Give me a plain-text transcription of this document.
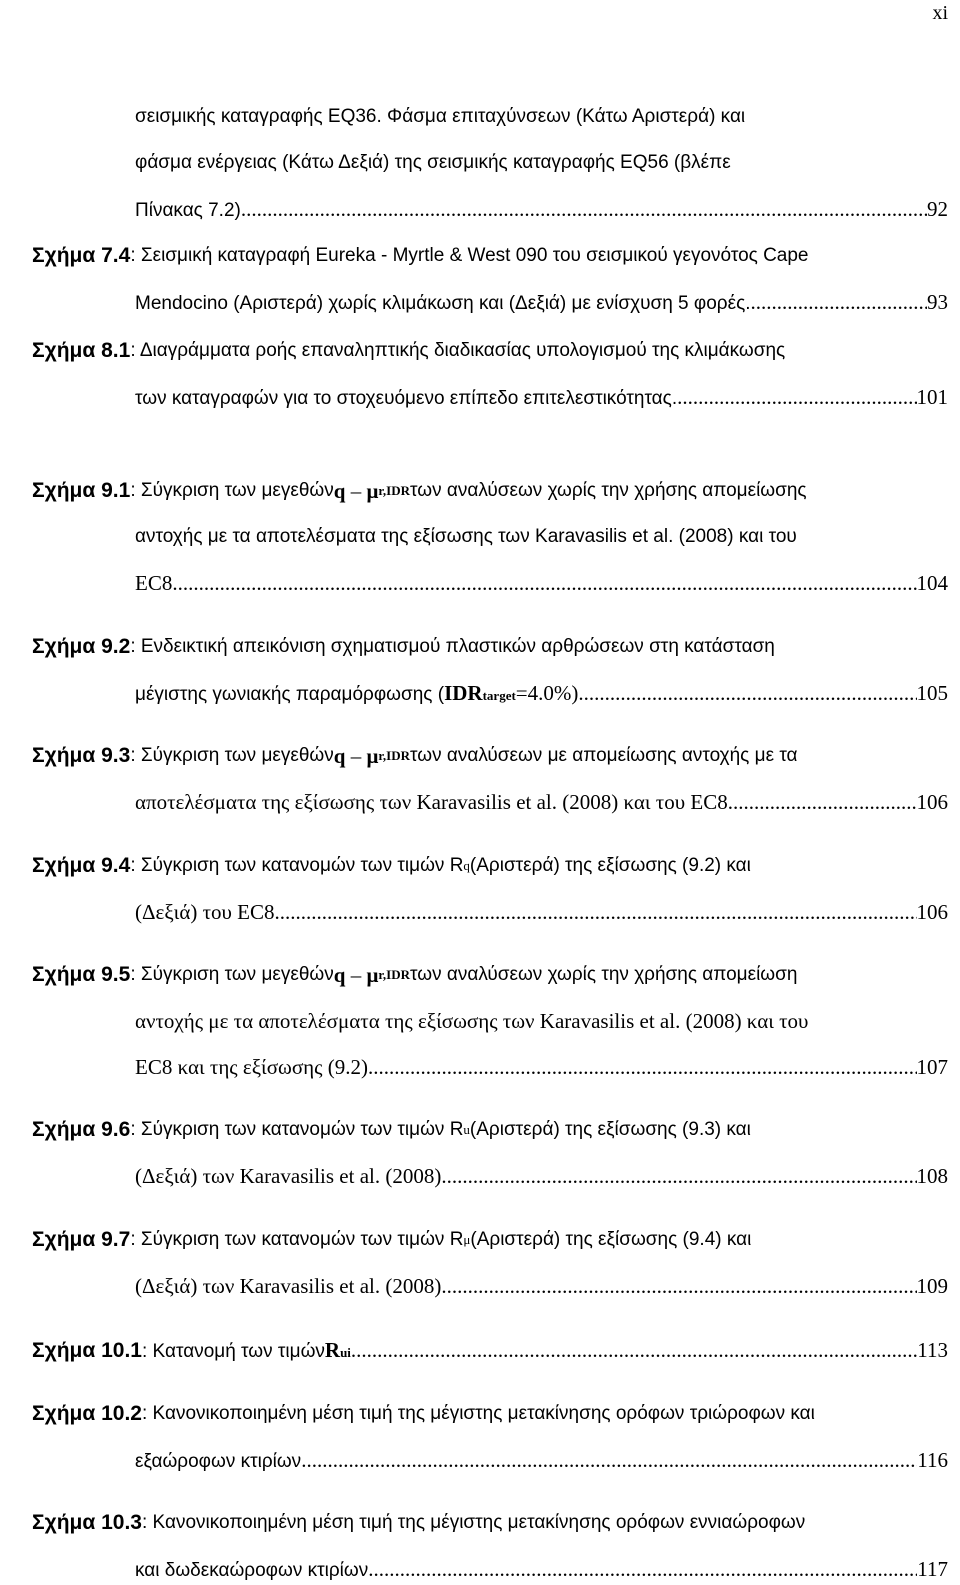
xi
σεισμικής καταγραφής EQ36. Φάσμα επιταχύνσεων (Κάτω Αριστερά) και
φάσμα ενέργειας (Κάτω Δεξιά) της σεισμικής καταγραφής EQ56 (βλέπε
Πίνακας 7.2) .....	92
Σχήμα 7.4 : Σεισμική καταγραφή Eureka - Myrtle & West 090 του σεισμικού γεγονότος Cape
Mendocino (Αριστερά) χωρίς κλιμάκωση και (Δεξιά) με ενίσχυση 5 φορές. .....	93
Σχήμα 8.1 : Διαγράμματα ροής επαναληπτικής διαδικασίας υπολογισμού της κλιμάκωσης
των καταγραφών για το στοχευόμενο επίπεδο επιτελεστικότητας. .....	101
Σχήμα 9.1 : Σύγκριση των μεγεθών q – μ r,IDR των αναλύσεων χωρίς την χρήσης απομείωσης
αντοχής με τα αποτελέσματα της εξίσωσης των Karavasilis et al. (2008) και του
EC8. .....	104
Σχήμα 9.2 : Ενδεικτική απεικόνιση σχηματισμού πλαστικών αρθρώσεων στη κατάσταση
μέγιστης γωνιακής παραμόρφωσης ( IDR target =4.0%). .....	105
Σχήμα 9.3 : Σύγκριση των μεγεθών q – μ r,IDR των αναλύσεων με απομείωσης αντοχής με τα
αποτελέσματα της εξίσωσης των Karavasilis et al. (2008) και του EC8. .....	106
Σχήμα 9.4 : Σύγκριση των κατανομών των τιμών R q (Αριστερά) της εξίσωσης (9.2) και
(Δεξιά) του EC8. .....	106
Σχήμα 9.5 : Σύγκριση των μεγεθών q – μ r,IDR των αναλύσεων χωρίς την χρήσης απομείωση
αντοχής με τα αποτελέσματα της εξίσωσης των Karavasilis et al. (2008) και του
EC8 και της εξίσωσης (9.2). .....	107
Σχήμα 9.6 : Σύγκριση των κατανομών των τιμών R u (Αριστερά) της εξίσωσης (9.3) και
(Δεξιά) των Karavasilis et al. (2008). .....	108
Σχήμα 9.7 : Σύγκριση των κατανομών των τιμών R μ (Αριστερά) της εξίσωσης (9.4) και
(Δεξιά) των Karavasilis et al. (2008). .....	109
Σχήμα 10.1 : Κατανομή των τιμών R ui .....	113
Σχήμα 10.2 : Κανονικοποιημένη μέση τιμή της μέγιστης μετακίνησης ορόφων τριώροφων και
εξαώροφων κτιρίων .....	116
Σχήμα 10.3 : Κανονικοποιημένη μέση τιμή της μέγιστης μετακίνησης ορόφων εννιαώροφων
και δωδεκαώροφων κτιρίων .....	117
